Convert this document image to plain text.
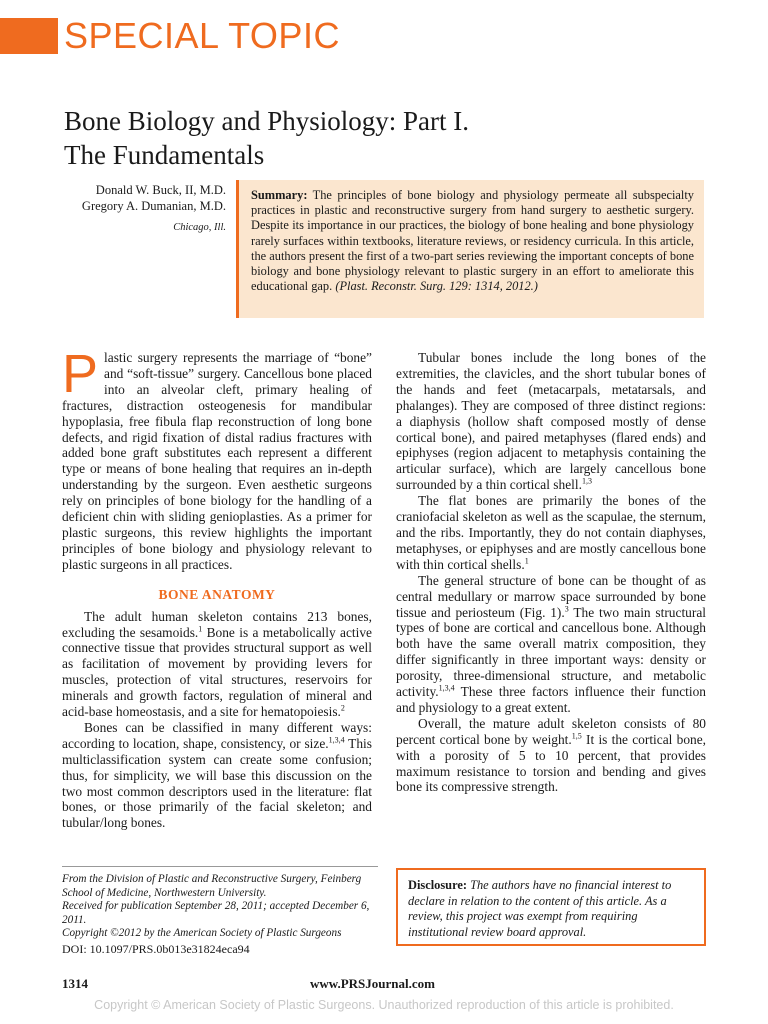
SPECIAL TOPIC
Bone Biology and Physiology: Part I.
The Fundamentals
Donald W. Buck, II, M.D.
Gregory A. Dumanian, M.D.
Chicago, Ill.

Summary: The principles of bone biology and physiology permeate all subspecialty practices in plastic and reconstructive surgery from hand surgery to aesthetic surgery. Despite its importance in our practices, the biology of bone healing and bone physiology rarely surfaces within textbooks, literature reviews, or residency curricula. In this article, the authors present the first of a two-part series reviewing the important concepts of bone biology and bone physiology relevant to plastic surgery in an effort to ameliorate this educational gap. (Plast. Reconstr. Surg. 129: 1314, 2012.)

Plastic surgery represents the marriage of “bone” and “soft-tissue” surgery. Cancellous bone placed into an alveolar cleft, primary healing of fractures, distraction osteogenesis for mandibular hypoplasia, free fibula flap reconstruction of long bone defects, and rigid fixation of distal radius fractures with added bone graft substitutes each represent a different type or means of bone healing that requires an in-depth understanding by the surgeon. Even aesthetic surgeons rely on principles of bone biology for the handling of a deficient chin with sliding genioplasties. As a primer for plastic surgeons, this review highlights the important principles of bone biology and physiology relevant to plastic surgeons in all practices.

BONE ANATOMY

The adult human skeleton contains 213 bones, excluding the sesamoids.$^1$ Bone is a metabolically active connective tissue that provides structural support as well as facilitation of movement by providing levers for muscles, protection of vital structures, reservoirs for minerals and growth factors, regulation of mineral and acid-base homeostasis, and a site for hematopoiesis.$^2$

Bones can be classified in many different ways: according to location, shape, consistency, or size.$^{1,3,4}$ This multiclassification system can create some confusion; thus, for simplicity, we will base this discussion on the two most common descriptors used in the literature: flat bones, or those primarily of the facial skeleton; and tubular/long bones.

Tubular bones include the long bones of the extremities, the clavicles, and the short tubular bones of the hands and feet (metacarpals, metatarsals, and phalanges). They are composed of three distinct regions: a diaphysis (hollow shaft composed mostly of dense cortical bone), and paired metaphyses (flared ends) and epiphyses (region adjacent to metaphysis containing the articular surface), which are largely cancellous bone surrounded by a thin cortical shell.$^{1,3}$

The flat bones are primarily the bones of the craniofacial skeleton as well as the scapulae, the sternum, and the ribs. Importantly, they do not contain diaphyses, metaphyses, or epiphyses and are mostly cancellous bone with thin cortical shells.$^1$

The general structure of bone can be thought of as central medullary or marrow space surrounded by bone tissue and periosteum (Fig. 1).$^3$ The two main structural types of bone are cortical and cancellous bone. Although both have the same overall matrix composition, they differ significantly in three important ways: density or porosity, three-dimensional structure, and metabolic activity.$^{1,3,4}$ These three factors influence their function and physiology to a great extent.

Overall, the mature adult skeleton consists of 80 percent cortical bone by weight.$^{1,5}$ It is the cortical bone, with a porosity of 5 to 10 percent, that provides maximum resistance to torsion and bending and gives bone its compressive strength.

From the Division of Plastic and Reconstructive Surgery, Feinberg School of Medicine, Northwestern University.
Received for publication September 28, 2011; accepted December 6, 2011.
Copyright ©2012 by the American Society of Plastic Surgeons
DOI: 10.1097/PRS.0b013e31824eca94
Disclosure: The authors have no financial interest to declare in relation to the content of this article. As a review, this project was exempt from requiring institutional review board approval.
1314	www.PRSJournal.com
Copyright © American Society of Plastic Surgeons. Unauthorized reproduction of this article is prohibited.
